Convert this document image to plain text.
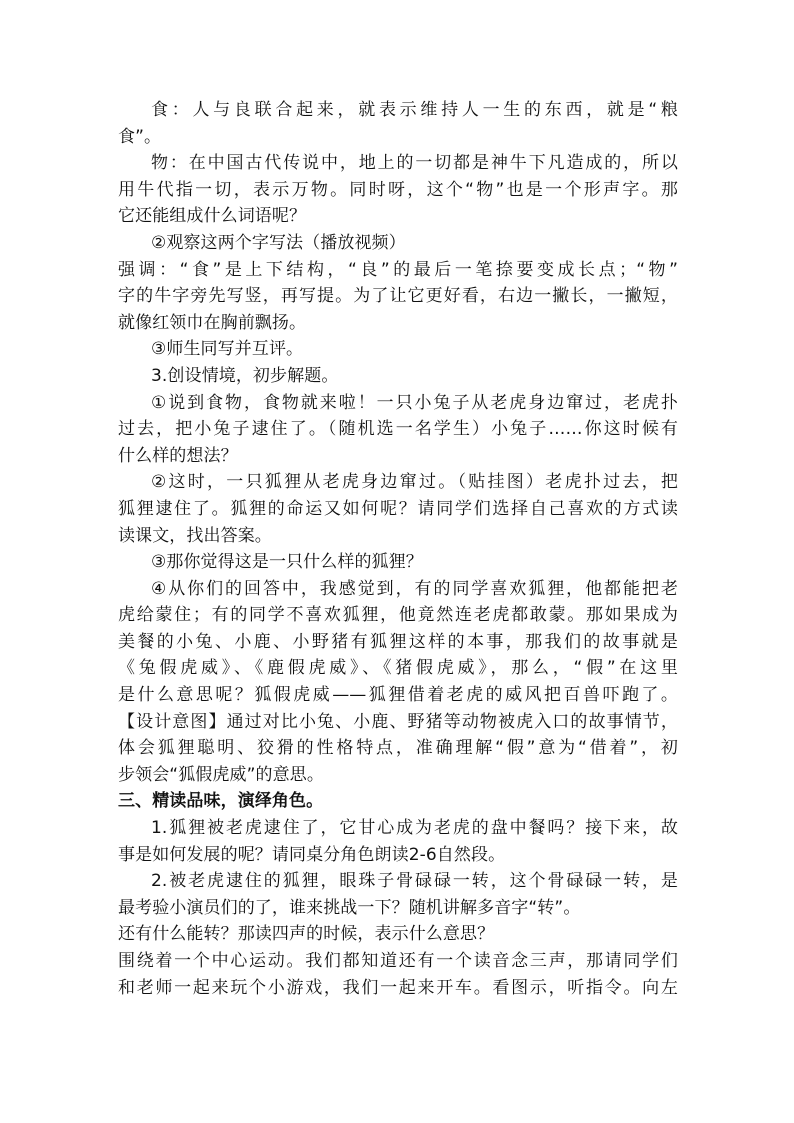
食：人与良联合起来，就表示维持人一生的东西，就是“粮
食”。
物：在中国古代传说中，地上的一切都是神牛下凡造成的，所以
用牛代指一切，表示万物。同时呀，这个“物”也是一个形声字。那
它还能组成什么词语呢？
②观察这两个字写法（播放视频）
强调：“食”是上下结构，“良”的最后一笔捺要变成长点；“物”
字的牛字旁先写竖，再写提。为了让它更好看，右边一撇长，一撇短，
就像红领巾在胸前飘扬。
③师生同写并互评。
3.创设情境，初步解题。
①说到食物，食物就来啦！一只小兔子从老虎身边窜过，老虎扑
过去，把小兔子逮住了。（随机选一名学生）小兔子……你这时候有
什么样的想法？
②这时，一只狐狸从老虎身边窜过。（贴挂图）老虎扑过去，把
狐狸逮住了。狐狸的命运又如何呢？请同学们选择自己喜欢的方式读
读课文，找出答案。
③那你觉得这是一只什么样的狐狸？
④从你们的回答中，我感觉到，有的同学喜欢狐狸，他都能把老
虎给蒙住；有的同学不喜欢狐狸，他竟然连老虎都敢蒙。那如果成为
美餐的小兔、小鹿、小野猪有狐狸这样的本事，那我们的故事就是
《兔假虎威》、《鹿假虎威》、《猪假虎威》，那么，“假”在这里
是什么意思呢？狐假虎威——狐狸借着老虎的威风把百兽吓跑了。
【设计意图】通过对比小兔、小鹿、野猪等动物被虎入口的故事情节，
体会狐狸聪明、狡猾的性格特点，准确理解“假”意为“借着”，初
步领会“狐假虎威”的意思。
三、精读品味，演绎角色。
1.狐狸被老虎逮住了，它甘心成为老虎的盘中餐吗？接下来，故
事是如何发展的呢？请同桌分角色朗读2-6自然段。
2.被老虎逮住的狐狸，眼珠子骨碌碌一转，这个骨碌碌一转，是
最考验小演员们的了，谁来挑战一下？随机讲解多音字“转”。
还有什么能转？那读四声的时候，表示什么意思？
围绕着一个中心运动。我们都知道还有一个读音念三声，那请同学们
和老师一起来玩个小游戏，我们一起来开车。看图示，听指令。向左
